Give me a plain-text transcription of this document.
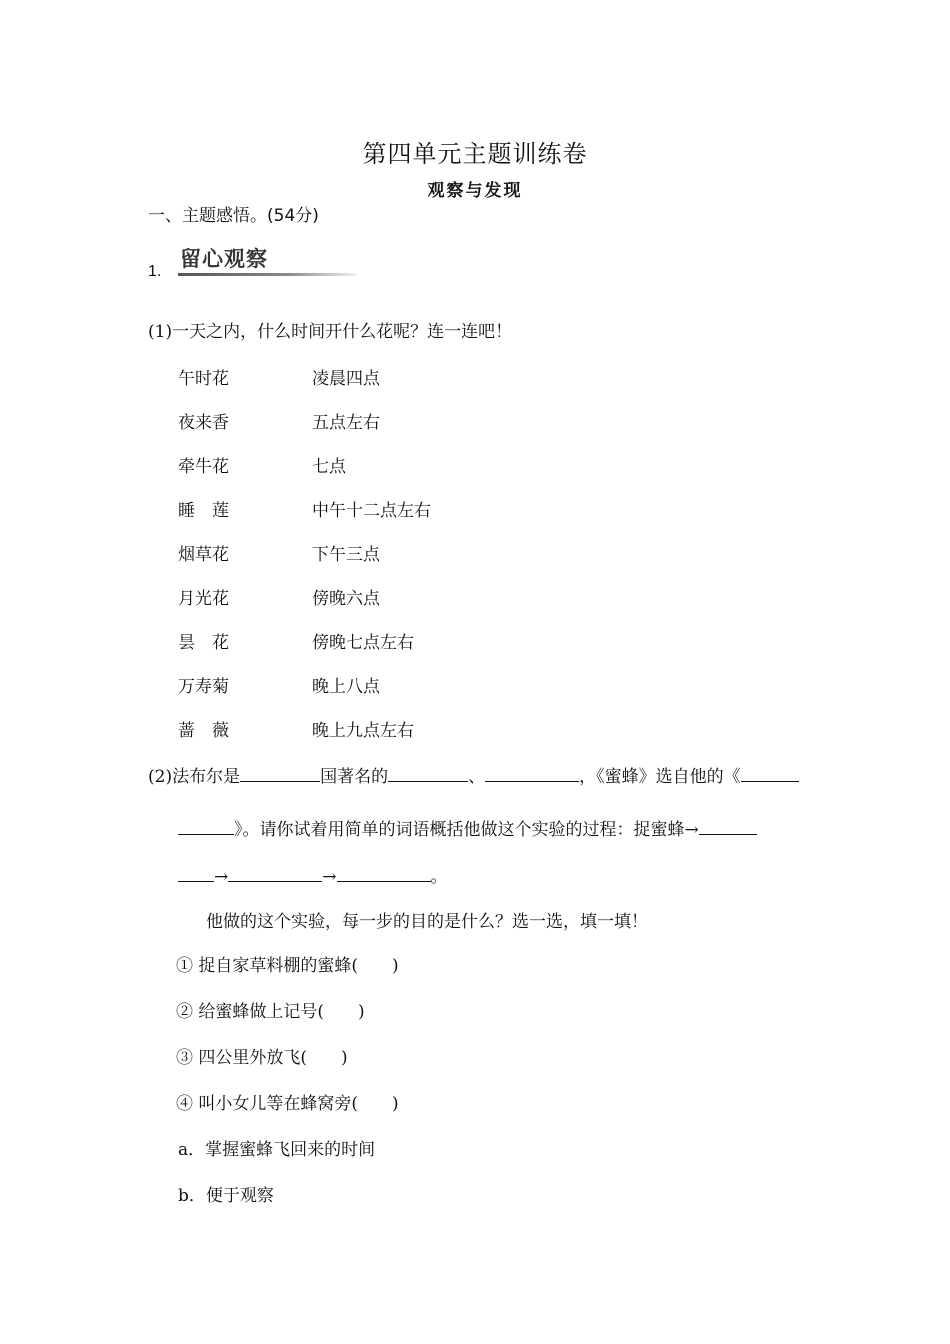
第四单元主题训练卷
观察与发现
一、主题感悟。(54分)
1.
留心观察
(1)一天之内，什么时间开什么花呢？连一连吧！
午时花	凌晨四点
夜来香	五点左右
牵牛花	七点
睡　莲	中午十二点左右
烟草花	下午三点
月光花	傍晚六点
昙　花	傍晚七点左右
万寿菊	晚上八点
蔷　薇	晚上九点左右
(2)法布尔是	国著名的	、	，《蜜蜂》选自他的《
》。请你试着用简单的词语概括他做这个实验的过程：捉蜜蜂→
→	→	。
他做的这个实验，每一步的目的是什么？选一选，填一填！
① 捉自家草料棚的蜜蜂(　　)
② 给蜜蜂做上记号(　　)
③ 四公里外放飞(　　)
④ 叫小女儿等在蜂窝旁(　　)
a．掌握蜜蜂飞回来的时间
b．便于观察
